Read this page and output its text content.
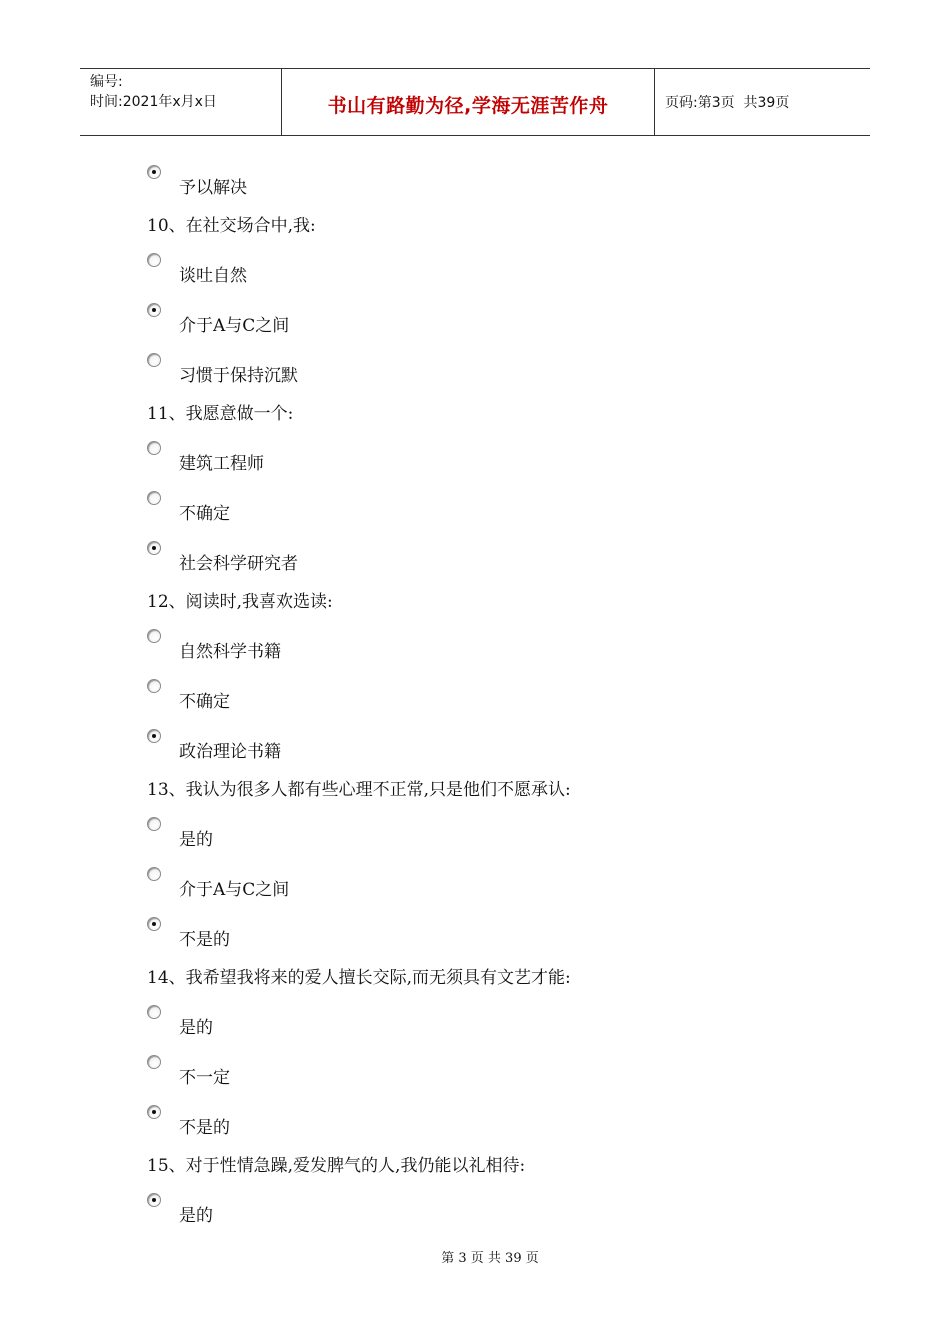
编号:
时间:2021年x月x日	书山有路勤为径,学海无涯苦作舟	页码:第3页  共39页
予以解决
10、在社交场合中,我:
谈吐自然
介于A与C之间
习惯于保持沉默
11、我愿意做一个:
建筑工程师
不确定
社会科学研究者
12、阅读时,我喜欢选读:
自然科学书籍
不确定
政治理论书籍
13、我认为很多人都有些心理不正常,只是他们不愿承认:
是的
介于A与C之间
不是的
14、我希望我将来的爱人擅长交际,而无须具有文艺才能:
是的
不一定
不是的
15、对于性情急躁,爱发脾气的人,我仍能以礼相待:
是的
第 3 页 共 39 页
